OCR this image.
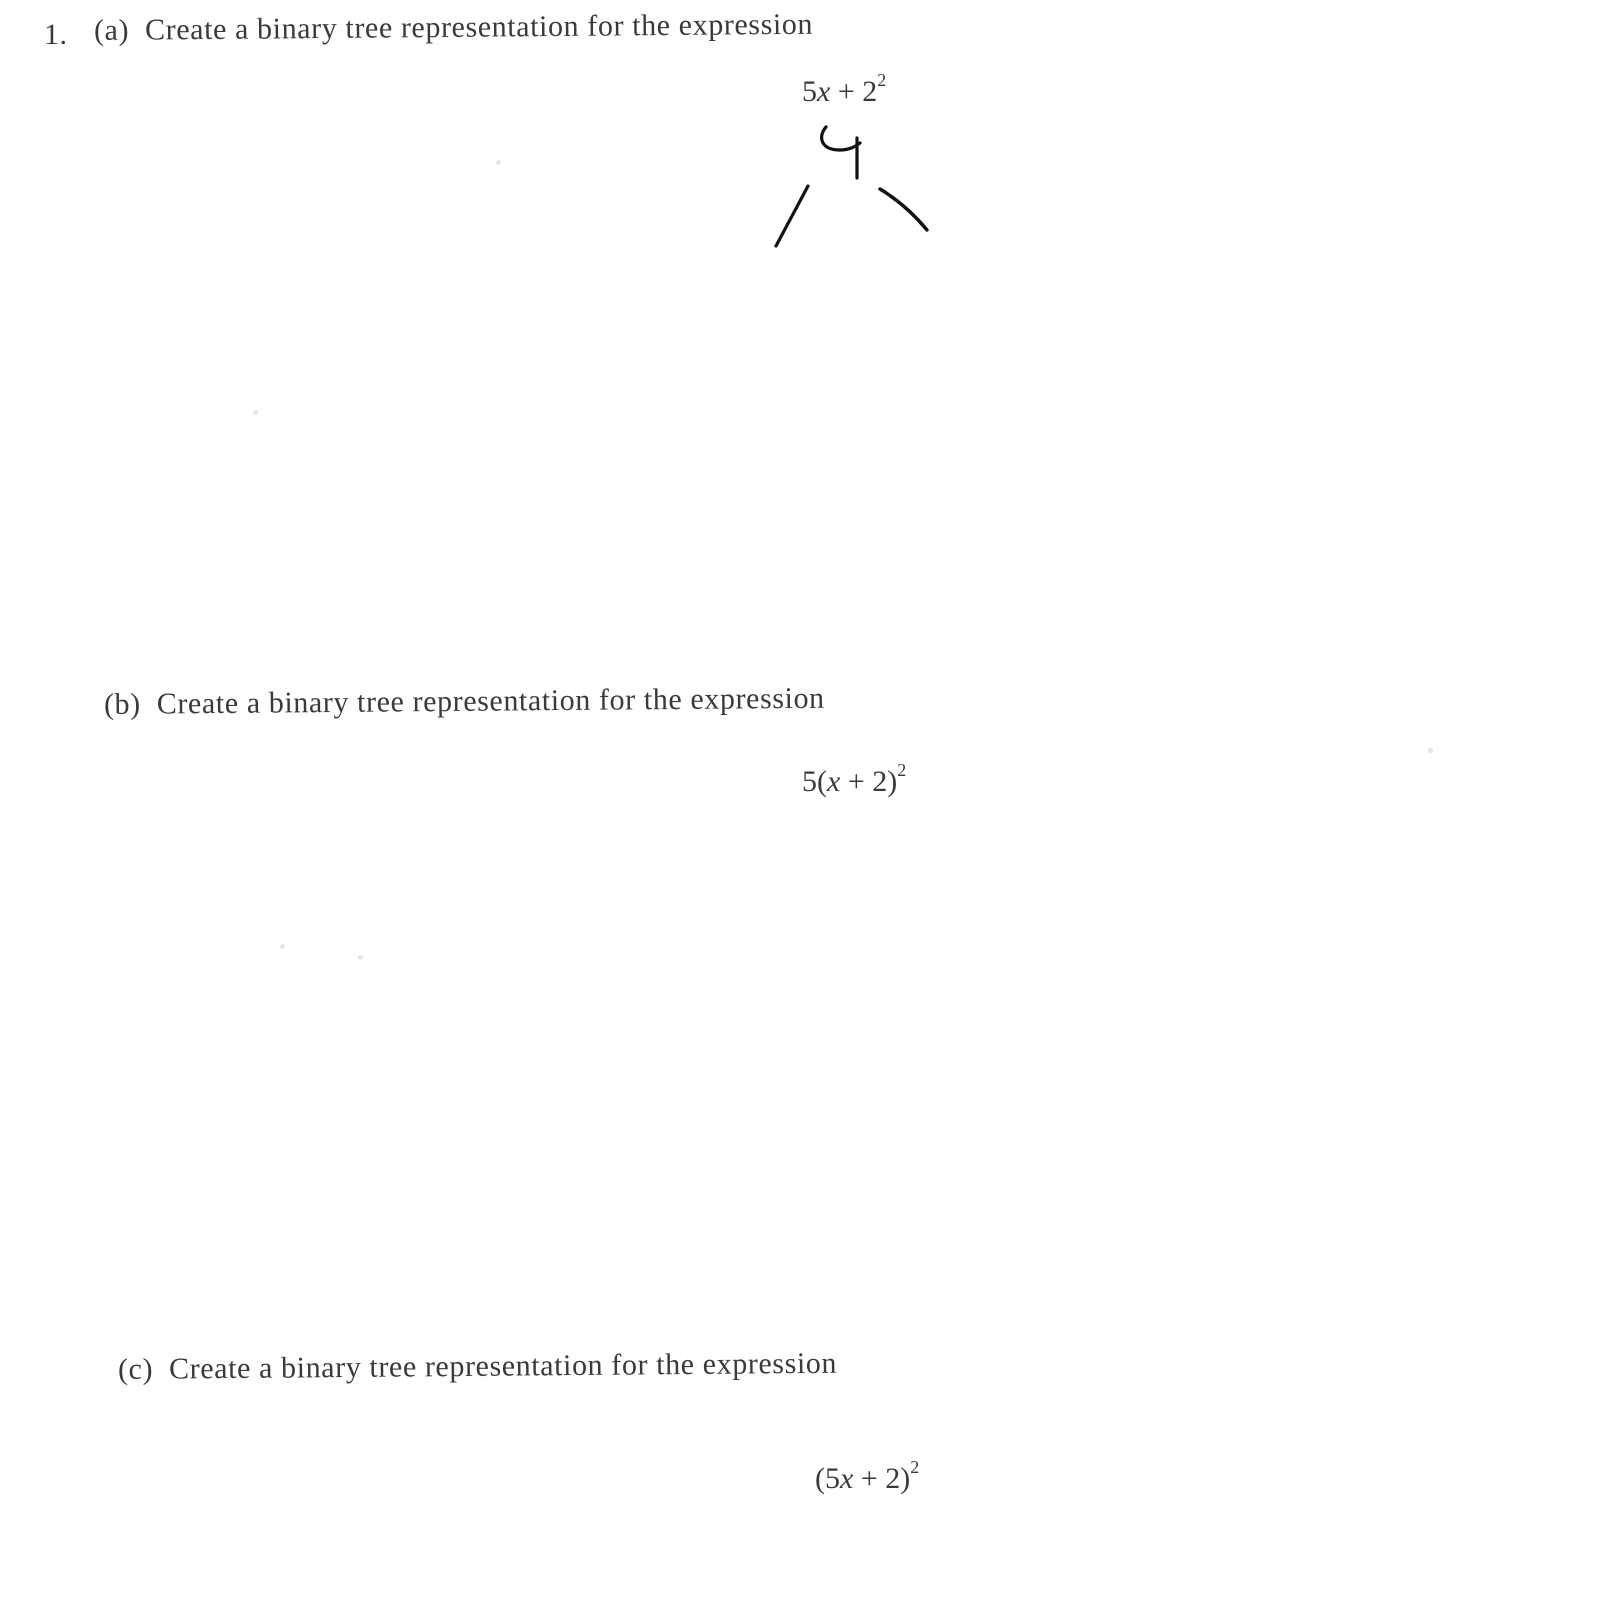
1. (a) Create a binary tree representation for the expression
$5x + 2^2$
(b) Create a binary tree representation for the expression
$5(x + 2)^2$
(c) Create a binary tree representation for the expression
$(5x + 2)^2$
